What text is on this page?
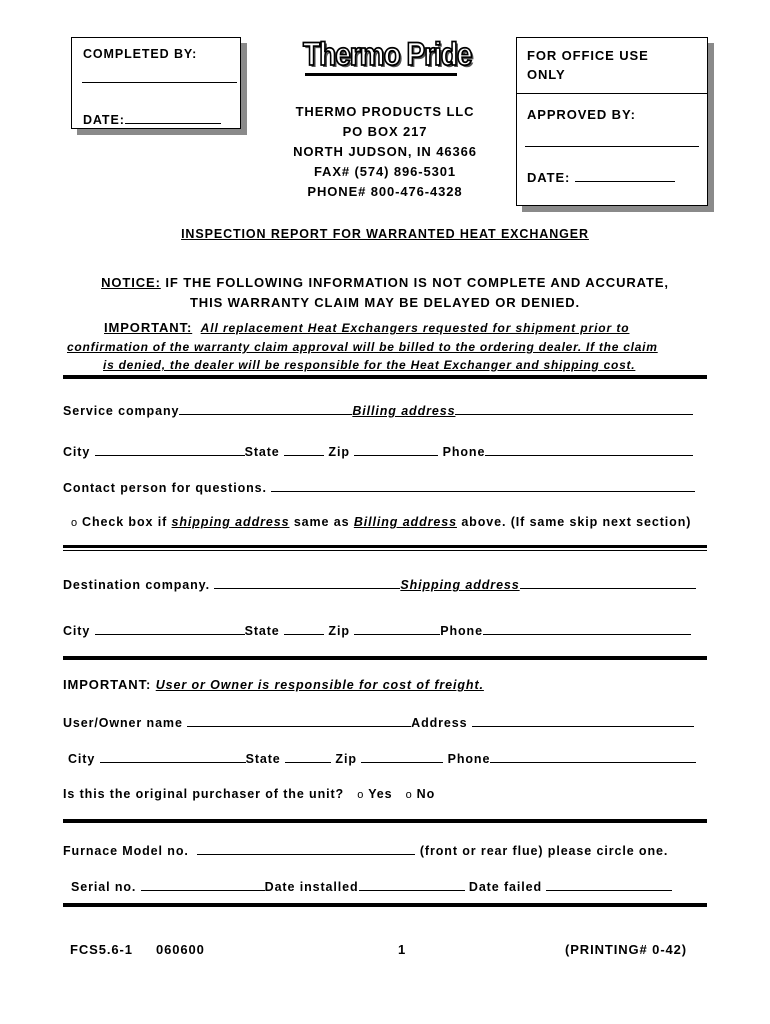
COMPLETED BY:
DATE:
Thermo Pride
THERMO PRODUCTS LLC
PO BOX 217
NORTH JUDSON, IN 46366
FAX# (574) 896-5301
PHONE# 800-476-4328
FOR OFFICE USE ONLY
APPROVED BY:
DATE:
INSPECTION REPORT FOR WARRANTED HEAT EXCHANGER
NOTICE: IF THE FOLLOWING INFORMATION IS NOT COMPLETE AND ACCURATE,
THIS WARRANTY CLAIM MAY BE DELAYED OR DENIED.
IMPORTANT: All replacement Heat Exchangers requested for shipment prior to
confirmation of the warranty claim approval will be billed to the ordering dealer. If the claim
is denied, the dealer will be responsible for the Heat Exchanger and shipping cost.
Service company	Billing address
City	State	Zip	Phone
Contact person for questions.
o Check box if shipping address same as Billing address above. (If same skip next section)
Destination company.	Shipping address
City	State	Zip	Phone
IMPORTANT: User or Owner is responsible for cost of freight.
User/Owner name	Address
City	State	Zip	Phone
Is this the original purchaser of the unit? o Yes o No
Furnace Model no.	(front or rear flue) please circle one.
Serial no.	Date installed	Date failed
FCS5.6-1 060600	1	(PRINTING# 0-42)
